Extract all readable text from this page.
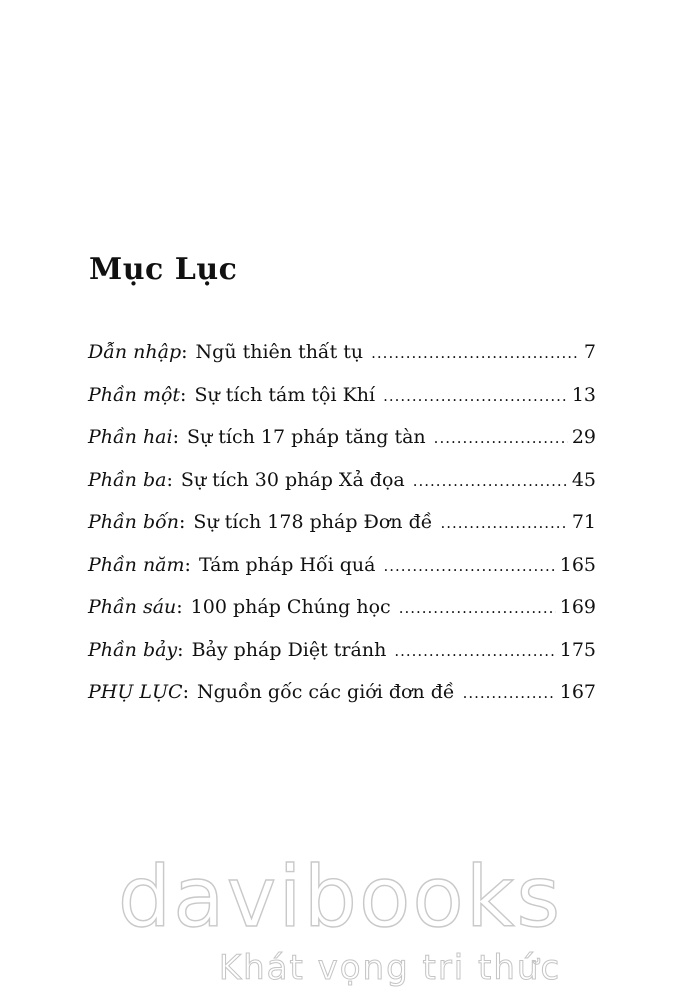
Mục Lục
Dẫn nhập : Ngũ thiên thất tụ .....	7
Phần một : Sự tích tám tội Khí .....	13
Phần hai : Sự tích 17 pháp tăng tàn .....	29
Phần ba : Sự tích 30 pháp Xả đọa .....	45
Phần bốn : Sự tích 178 pháp Đơn đề .....	71
Phần năm : Tám pháp Hối quá .....	165
Phần sáu : 100 pháp Chúng học .....	169
Phần bảy : Bảy pháp Diệt tránh .....	175
PHỤ LỤC : Nguồn gốc các giới đơn đề .....	167
davibooks
Khát vọng tri thức
